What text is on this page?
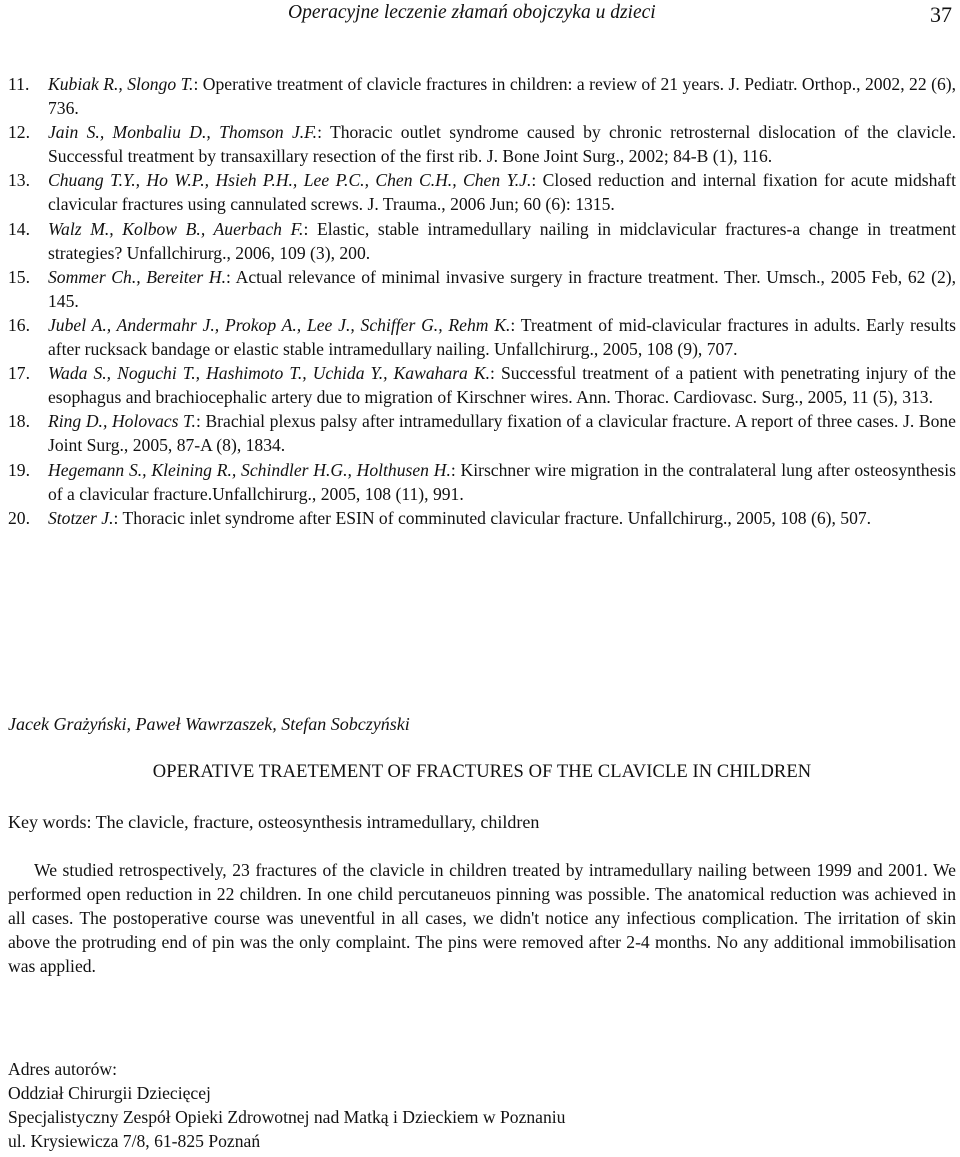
Operacyjne leczenie złamań obojczyka u dzieci	37
11.	Kubiak R., Slongo T.: Operative treatment of clavicle fractures in children: a review of 21 years. J. Pediatr. Orthop., 2002, 22 (6), 736.
12.	Jain S., Monbaliu D., Thomson J.F.: Thoracic outlet syndrome caused by chronic retrosternal dislocation of the clavicle. Successful treatment by transaxillary resection of the first rib. J. Bone Joint Surg., 2002; 84-B (1), 116.
13.	Chuang T.Y., Ho W.P., Hsieh P.H., Lee P.C., Chen C.H., Chen Y.J.: Closed reduction and internal fixation for acute midshaft clavicular fractures using cannulated screws. J. Trauma., 2006 Jun; 60 (6): 1315.
14.	Walz M., Kolbow B., Auerbach F.: Elastic, stable intramedullary nailing in midclavicular fractures-a change in treatment strategies? Unfallchirurg., 2006, 109 (3), 200.
15.	Sommer Ch., Bereiter H.: Actual relevance of minimal invasive surgery in fracture treatment. Ther. Umsch., 2005 Feb, 62 (2), 145.
16.	Jubel A., Andermahr J., Prokop A., Lee J., Schiffer G., Rehm K.: Treatment of mid-clavicular fractures in adults. Early results after rucksack bandage or elastic stable intramedullary nailing. Unfallchirurg., 2005, 108 (9), 707.
17.	Wada S., Noguchi T., Hashimoto T., Uchida Y., Kawahara K.: Successful treatment of a patient with penetrating injury of the esophagus and brachiocephalic artery due to migration of Kirschner wires. Ann. Thorac. Cardiovasc. Surg., 2005, 11 (5), 313.
18.	Ring D., Holovacs T.: Brachial plexus palsy after intramedullary fixation of a clavicular fracture. A report of three cases. J. Bone Joint Surg., 2005, 87-A (8), 1834.
19.	Hegemann S., Kleining R., Schindler H.G., Holthusen H.: Kirschner wire migration in the contralateral lung after osteosynthesis of a clavicular fracture.Unfallchirurg., 2005, 108 (11), 991.
20.	Stotzer J.: Thoracic inlet syndrome after ESIN of comminuted clavicular fracture. Unfallchirurg., 2005, 108 (6), 507.

Jacek Grażyński, Paweł Wawrzaszek, Stefan Sobczyński

OPERATIVE TRAETEMENT OF FRACTURES OF THE CLAVICLE IN CHILDREN

Key words: The clavicle, fracture, osteosynthesis intramedullary, children

We studied retrospectively, 23 fractures of the clavicle in children treated by intramedullary nailing between 1999 and 2001. We performed open reduction in 22 children. In one child percutaneuos pinning was possible. The anatomical reduction was achieved in all cases. The postoperative course was uneventful in all cases, we didn't notice any infectious complication. The irritation of skin above the protruding end of pin was the only complaint. The pins were removed after 2-4 months. No any additional immobilisation was applied.

Adres autorów:

Oddział Chirurgii Dziecięcej

Specjalistyczny Zespół Opieki Zdrowotnej nad Matką i Dzieckiem w Poznaniu

ul. Krysiewicza 7/8, 61-825 Poznań
